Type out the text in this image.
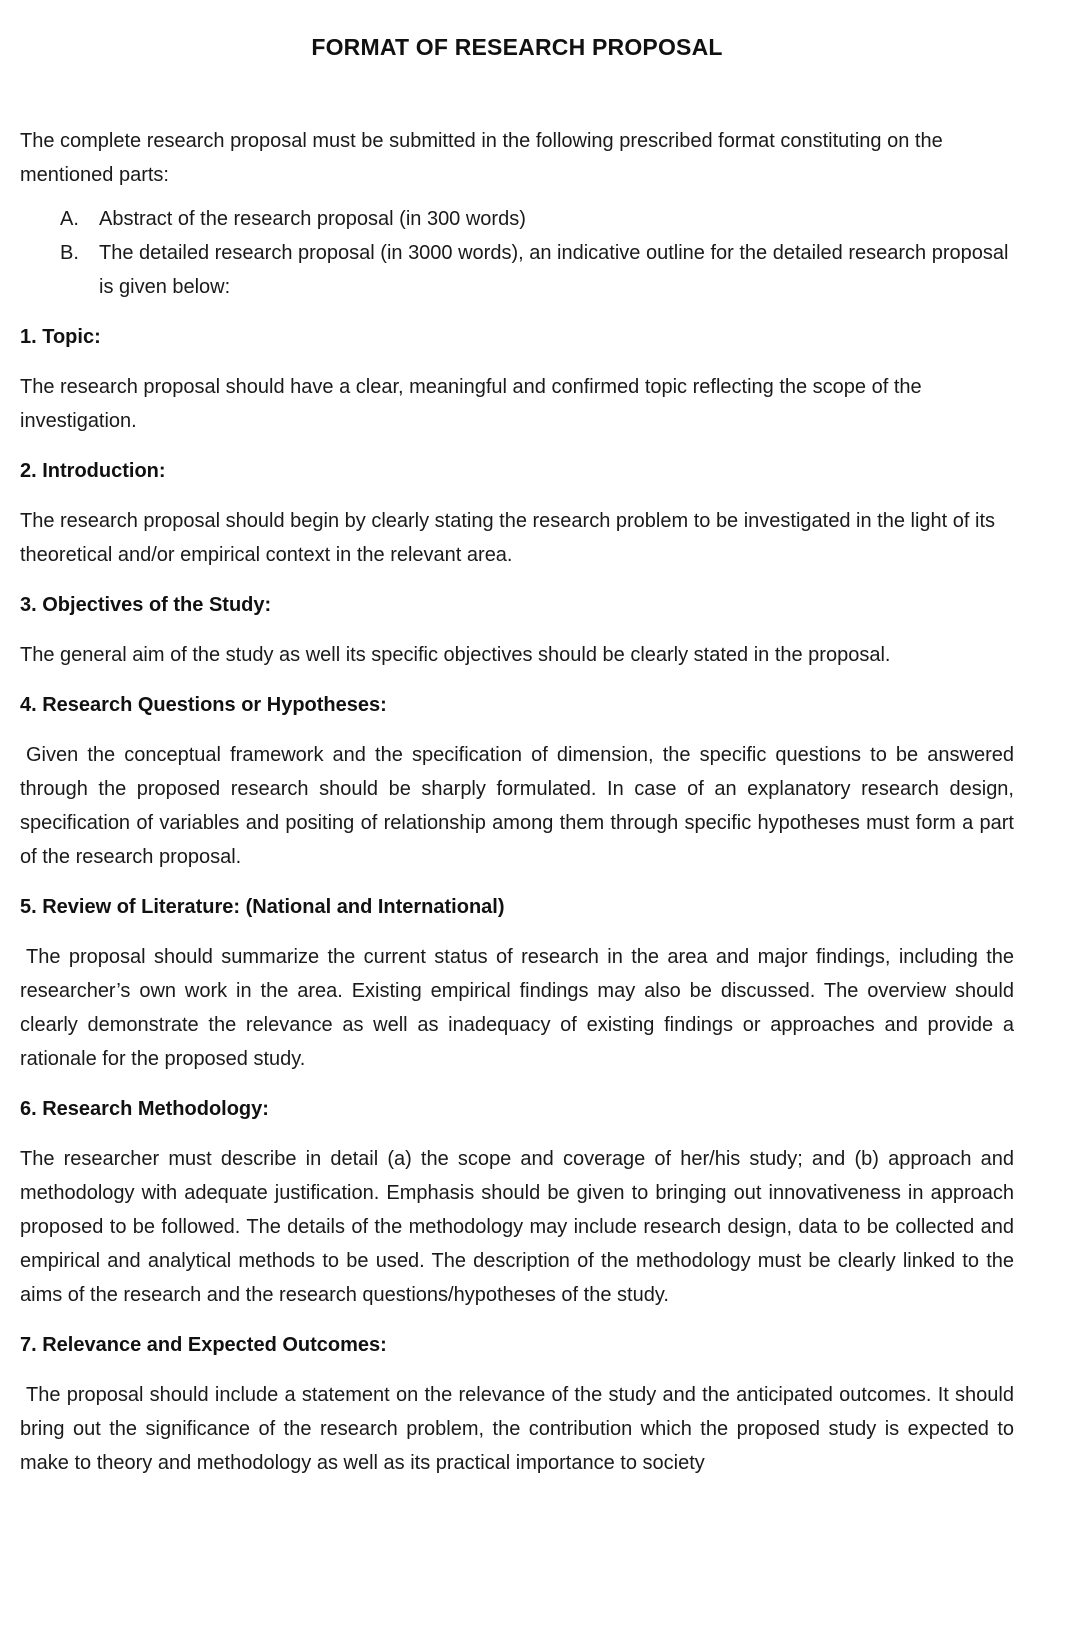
FORMAT OF RESEARCH PROPOSAL

The complete research proposal must be submitted in the following prescribed format constituting on the mentioned parts:

A. Abstract of the research proposal (in 300 words)
B. The detailed research proposal (in 3000 words), an indicative outline for the detailed research proposal is given below:
1. Topic:

The research proposal should have a clear, meaningful and confirmed topic reflecting the scope of the investigation.

2. Introduction:

The research proposal should begin by clearly stating the research problem to be investigated in the light of its theoretical and/or empirical context in the relevant area.

3. Objectives of the Study:

The general aim of the study as well its specific objectives should be clearly stated in the proposal.

4. Research Questions or Hypotheses:

Given the conceptual framework and the specification of dimension, the specific questions to be answered through the proposed research should be sharply formulated. In case of an explanatory research design, specification of variables and positing of relationship among them through specific hypotheses must form a part of the research proposal.

5. Review of Literature: (National and International)

The proposal should summarize the current status of research in the area and major findings, including the researcher’s own work in the area. Existing empirical findings may also be discussed. The overview should clearly demonstrate the relevance as well as inadequacy of existing findings or approaches and provide a rationale for the proposed study.

6. Research Methodology:

The researcher must describe in detail (a) the scope and coverage of her/his study; and (b) approach and methodology with adequate justification. Emphasis should be given to bringing out innovativeness in approach proposed to be followed. The details of the methodology may include research design, data to be collected and empirical and analytical methods to be used. The description of the methodology must be clearly linked to the aims of the research and the research questions/hypotheses of the study.

7. Relevance and Expected Outcomes:

The proposal should include a statement on the relevance of the study and the anticipated outcomes. It should bring out the significance of the research problem, the contribution which the proposed study is expected to make to theory and methodology as well as its practical importance to society
